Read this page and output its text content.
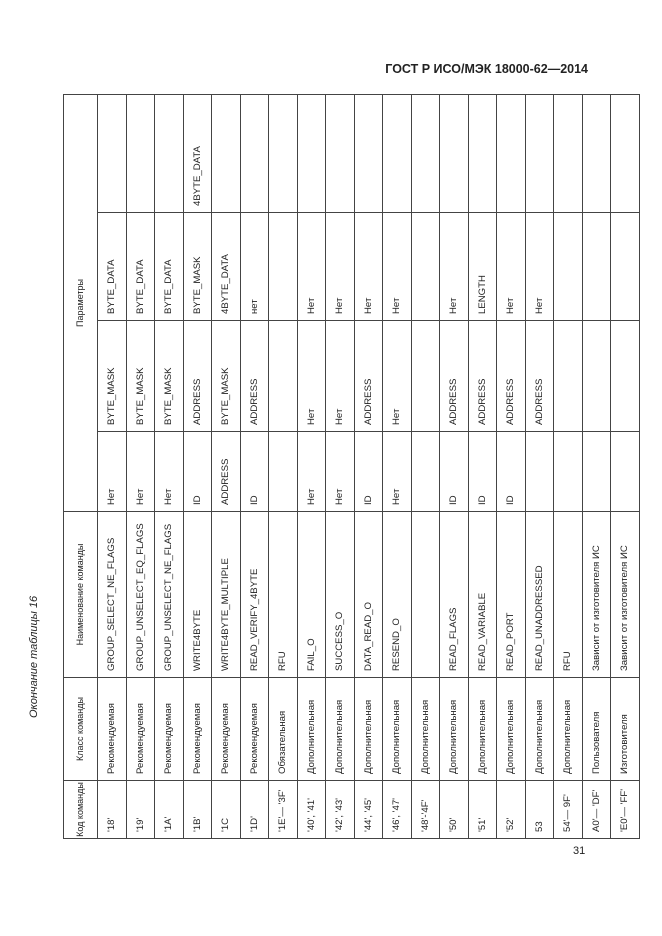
ГОСТ Р ИСО/МЭК 18000-62—2014
Окончание таблицы 16
Код команды	Класс команды	Наименование команды	Параметры			
'18'	Рекомендуемая	GROUP_SELECT_NE_FLAGS	Нет	BYTE_MASK	BYTE_DATA	
'19'	Рекомендуемая	GROUP_UNSELECT_EQ_FLAGS	Нет	BYTE_MASK	BYTE_DATA	
'1A'	Рекомендуемая	GROUP_UNSELECT_NE_FLAGS	Нет	BYTE_MASK	BYTE_DATA	
'1B'	Рекомендуемая	WRITE4BYTE	ID	ADDRESS	BYTE_MASK	4BYTE_DATA
'1C	Рекомендуемая	WRITE4BYTE_MULTIPLE	ADDRESS	BYTE_MASK	4BYTE_DATA	
'1D'	Рекомендуемая	READ_VERIFY_4BYTE	ID	ADDRESS	нет	
'1E'— '3F'	Обязательная	RFU				
'40', '41'	Дополнительная	FAIL_O	Нет	Нет	Нет	
'42', '43'	Дополнительная	SUCCESS_O	Нет	Нет	Нет	
'44', '45'	Дополнительная	DATA_READ_O	ID	ADDRESS	Нет	
'46', '47'	Дополнительная	RESEND_O	Нет	Нет	Нет	
'48'-'4F'	Дополнительная					
'50'	Дополнительная	READ_FLAGS	ID	ADDRESS	Нет	
'51'	Дополнительная	READ_VARIABLE	ID	ADDRESS	LENGTH	
'52'	Дополнительная	READ_PORT	ID	ADDRESS	Нет	
53	Дополнительная	READ_UNADDRESSED		ADDRESS	Нет	
54'— 9F'	Дополнительная	RFU				
A0'— 'DF'	Пользователя	Зависит от изготовителя ИС				
'E0'— 'FF'	Изготовителя	Зависит от изготовителя ИС				
31
